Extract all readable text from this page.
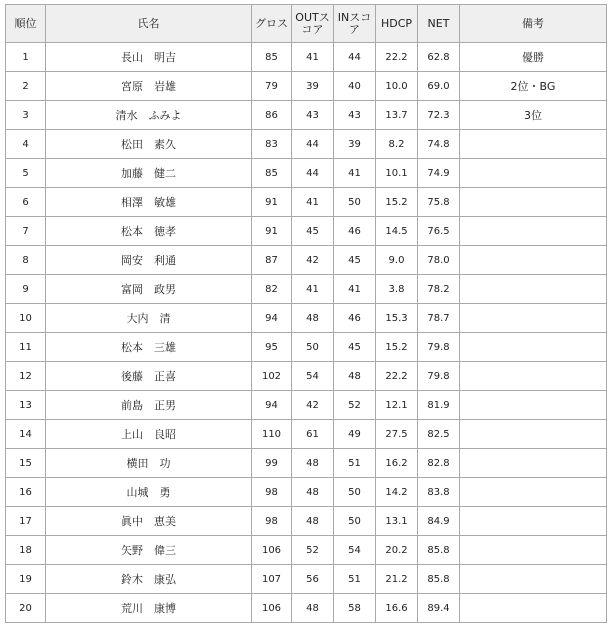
順位	氏名	グロス	OUTスコア	INスコア	HDCP	NET	備考
1	長山　明吉	85	41	44	22.2	62.8	優勝
2	宮原　岩雄	79	39	40	10.0	69.0	2位・BG
3	清水　ふみよ	86	43	43	13.7	72.3	3位
4	松田　素久	83	44	39	8.2	74.8	
5	加藤　健二	85	44	41	10.1	74.9	
6	相澤　敏雄	91	41	50	15.2	75.8	
7	松本　徳孝	91	45	46	14.5	76.5	
8	岡安　利通	87	42	45	9.0	78.0	
9	富岡　政男	82	41	41	3.8	78.2	
10	大内　清	94	48	46	15.3	78.7	
11	松本　三雄	95	50	45	15.2	79.8	
12	後藤　正喜	102	54	48	22.2	79.8	
13	前島　正男	94	42	52	12.1	81.9	
14	上山　良昭	110	61	49	27.5	82.5	
15	横田　功	99	48	51	16.2	82.8	
16	山城　勇	98	48	50	14.2	83.8	
17	眞中　恵美	98	48	50	13.1	84.9	
18	矢野　偉三	106	52	54	20.2	85.8	
19	鈴木　康弘	107	56	51	21.2	85.8	
20	荒川　康博	106	48	58	16.6	89.4	
